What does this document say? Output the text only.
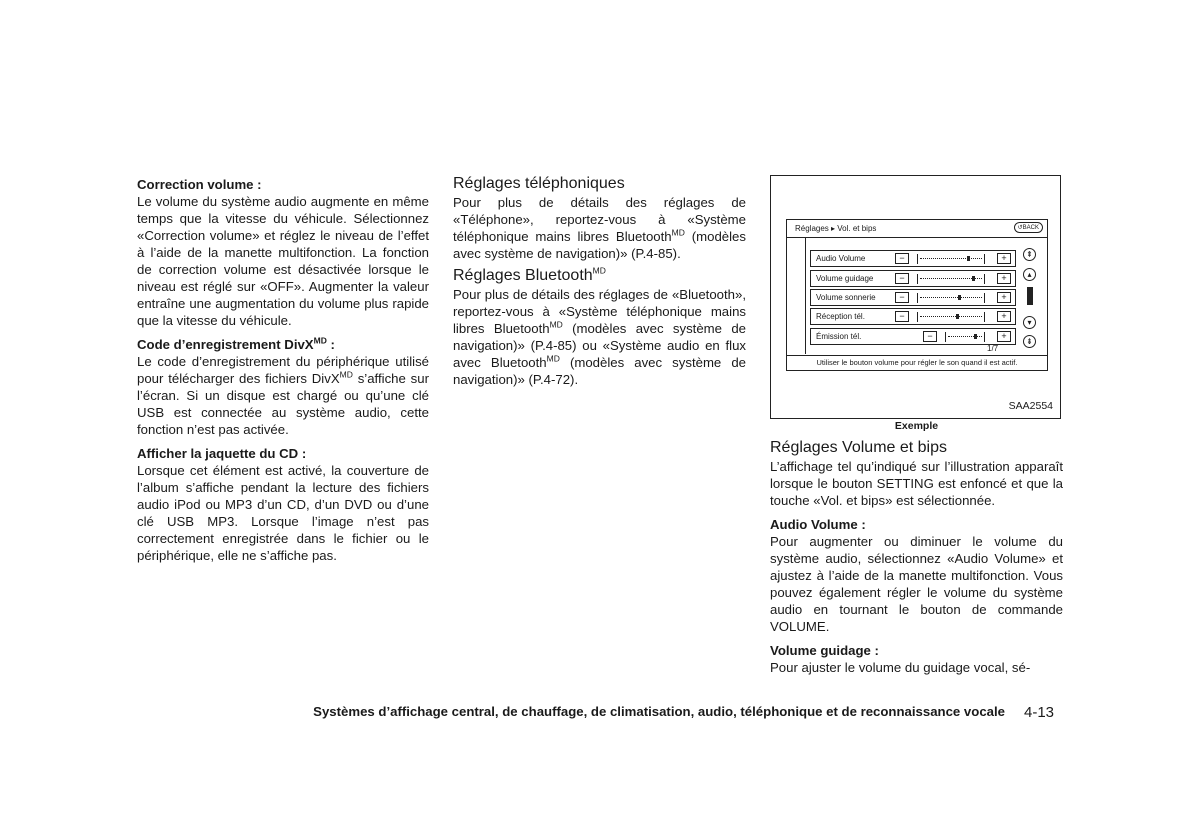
Correction volume :

Le volume du système audio augmente en même temps que la vitesse du véhicule. Sélectionnez «Correction volume» et réglez le niveau de l’effet à l’aide de la manette multifonction. La fonction de correction volume est désactivée lorsque le niveau est réglé sur «OFF». Augmenter la valeur entraîne une augmentation du volume plus rapide que la vitesse du véhicule.

Code d’enregistrement DivX$^{MD}$ :

Le code d’enregistrement du périphérique utilisé pour télécharger des fichiers DivX$^{MD}$ s’affiche sur l’écran. Si un disque est chargé ou qu’une clé USB est connectée au système audio, cette fonction n’est pas activée.

Afficher la jaquette du CD :

Lorsque cet élément est activé, la couverture de l’album s’affiche pendant la lecture des fichiers audio iPod ou MP3 d’un CD, d’un DVD ou d’une clé USB MP3. Lorsque l’image n’est pas correctement enregistrée dans le fichier ou le périphérique, elle ne s’affiche pas.

Réglages téléphoniques

Pour plus de détails des réglages de «Téléphone», reportez-vous à «Système téléphonique mains libres Bluetooth$^{MD}$ (modèles avec système de navigation)» (P.4-85).

Réglages Bluetooth$^{MD}$

Pour plus de détails des réglages de «Bluetooth», reportez-vous à «Système téléphonique mains libres Bluetooth$^{MD}$ (modèles avec système de navigation)» (P.4-85) ou «Système audio en flux avec Bluetooth$^{MD}$ (modèles avec système de navigation)» (P.4-72).

Réglages ▸ Vol. et bips	↺BACK
Audio Volume	−	+
Volume guidage	−	+
Volume sonnerie	−	+
Réception tél.	−	+
Émission tél.	−	+
⇞
▴
▾
⇟
1/7
Utiliser le bouton volume pour régler le son quand il est actif.
SAA2554
Exemple

Réglages Volume et bips

L’affichage tel qu’indiqué sur l’illustration apparaît lorsque le bouton SETTING est enfoncé et que la touche «Vol. et bips» est sélectionnée.

Audio Volume :

Pour augmenter ou diminuer le volume du système audio, sélectionnez «Audio Volume» et ajustez à l’aide de la manette multifonction. Vous pouvez également régler le volume du système audio en tournant le bouton de commande VOLUME.

Volume guidage :

Pour ajuster le volume du guidage vocal, sé-

Systèmes d’affichage central, de chauffage, de climatisation, audio, téléphonique et de reconnaissance vocale	4-13
